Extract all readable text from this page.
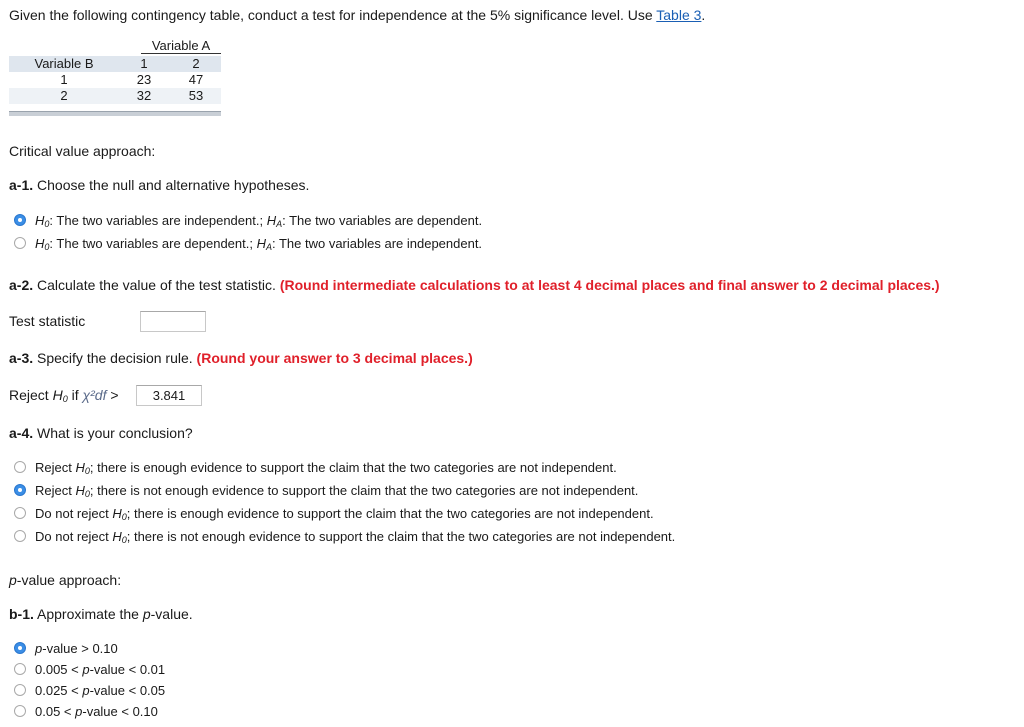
Given the following contingency table, conduct a test for independence at the 5% significance level. Use Table 3.
Variable A
Variable B	1	2
1	23	47
2	32	53
Critical value approach:
a-1. Choose the null and alternative hypotheses.
$H_0$: The two variables are independent.; $H_A$: The two variables are dependent.
$H_0$: The two variables are dependent.; $H_A$: The two variables are independent.
a-2. Calculate the value of the test statistic. (Round intermediate calculations to at least 4 decimal places and final answer to 2 decimal places.)
Test statistic
a-3. Specify the decision rule. (Round your answer to 3 decimal places.)
Reject $H_0$ if χ²df >	3.841
a-4. What is your conclusion?
Reject $H_0$; there is enough evidence to support the claim that the two categories are not independent.
Reject $H_0$; there is not enough evidence to support the claim that the two categories are not independent.
Do not reject $H_0$; there is enough evidence to support the claim that the two categories are not independent.
Do not reject $H_0$; there is not enough evidence to support the claim that the two categories are not independent.
p-value approach:
b-1. Approximate the p-value.
p-value > 0.10
0.005 < p-value < 0.01
0.025 < p-value < 0.05
0.05 < p-value < 0.10
